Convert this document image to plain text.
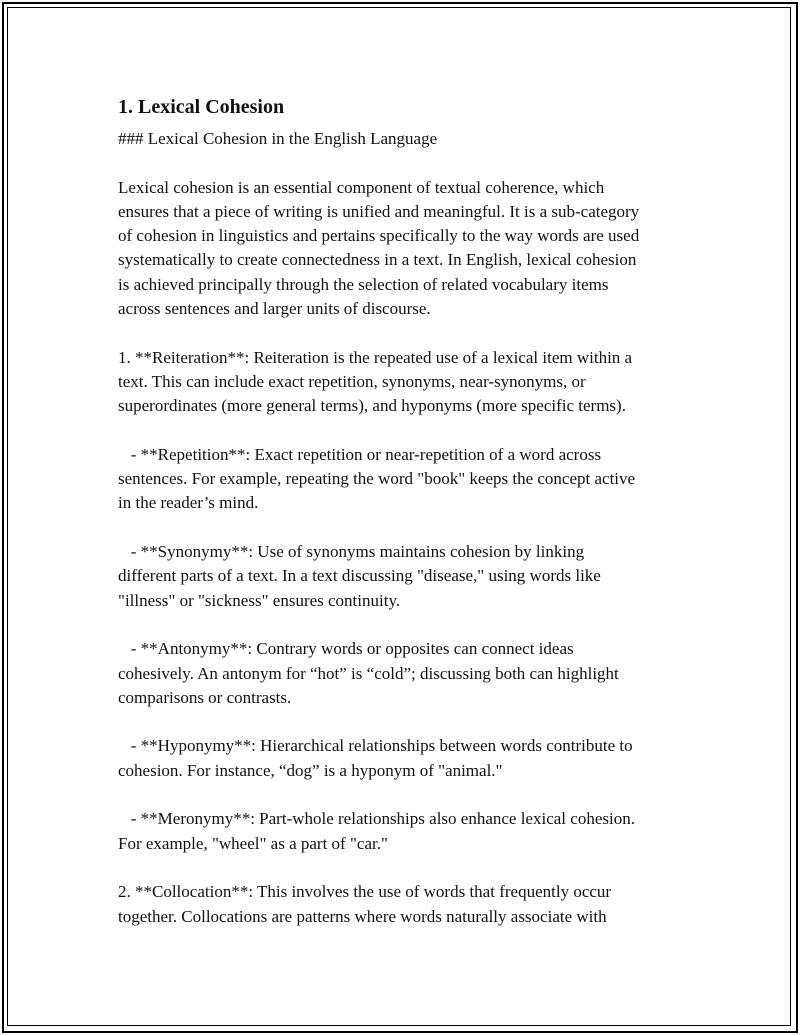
1. Lexical Cohesion
### Lexical Cohesion in the English Language
Lexical cohesion is an essential component of textual coherence, which
ensures that a piece of writing is unified and meaningful. It is a sub-category
of cohesion in linguistics and pertains specifically to the way words are used
systematically to create connectedness in a text. In English, lexical cohesion
is achieved principally through the selection of related vocabulary items
across sentences and larger units of discourse.
1. **Reiteration**: Reiteration is the repeated use of a lexical item within a
text. This can include exact repetition, synonyms, near-synonyms, or
superordinates (more general terms), and hyponyms (more specific terms).
- **Repetition**: Exact repetition or near-repetition of a word across
sentences. For example, repeating the word "book" keeps the concept active
in the reader’s mind.
- **Synonymy**: Use of synonyms maintains cohesion by linking
different parts of a text. In a text discussing "disease," using words like
"illness" or "sickness" ensures continuity.
- **Antonymy**: Contrary words or opposites can connect ideas
cohesively. An antonym for “hot” is “cold”; discussing both can highlight
comparisons or contrasts.
- **Hyponymy**: Hierarchical relationships between words contribute to
cohesion. For instance, “dog” is a hyponym of "animal."
- **Meronymy**: Part-whole relationships also enhance lexical cohesion.
For example, "wheel" as a part of "car."
2. **Collocation**: This involves the use of words that frequently occur
together. Collocations are patterns where words naturally associate with
